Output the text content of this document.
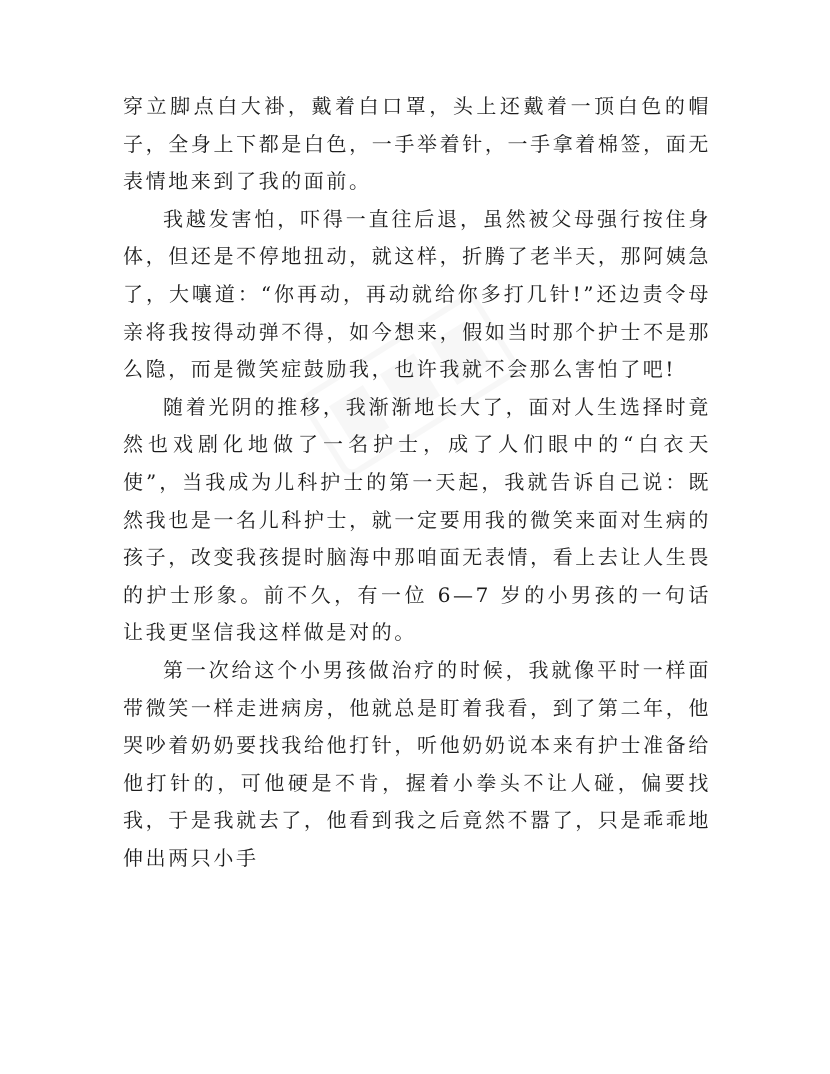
穿立脚点白大褂，戴着白口罩，头上还戴着一顶白色的帽子，全身上下都是白色，一手举着针，一手拿着棉签，面无表情地来到了我的面前。

我越发害怕，吓得一直往后退，虽然被父母强行按住身体，但还是不停地扭动，就这样，折腾了老半天，那阿姨急了，大嚷道：“你再动，再动就给你多打几针!”还边责令母亲将我按得动弹不得，如今想来，假如当时那个护士不是那么隐，而是微笑症鼓励我，也许我就不会那么害怕了吧!

随着光阴的推移，我渐渐地长大了，面对人生选择时竟然也戏剧化地做了一名护士，成了人们眼中的“白衣天使”，当我成为儿科护士的第一天起，我就告诉自己说：既然我也是一名儿科护士，就一定要用我的微笑来面对生病的孩子，改变我孩提时脑海中那咱面无表情，看上去让人生畏的护士形象。前不久，有一位 6—7 岁的小男孩的一句话让我更坚信我这样做是对的。

第一次给这个小男孩做治疗的时候，我就像平时一样面带微笑一样走进病房，他就总是盯着我看，到了第二年，他哭吵着奶奶要找我给他打针，听他奶奶说本来有护士准备给他打针的，可他硬是不肯，握着小拳头不让人碰，偏要找我，于是我就去了，他看到我之后竟然不嚣了，只是乖乖地伸出两只小手
